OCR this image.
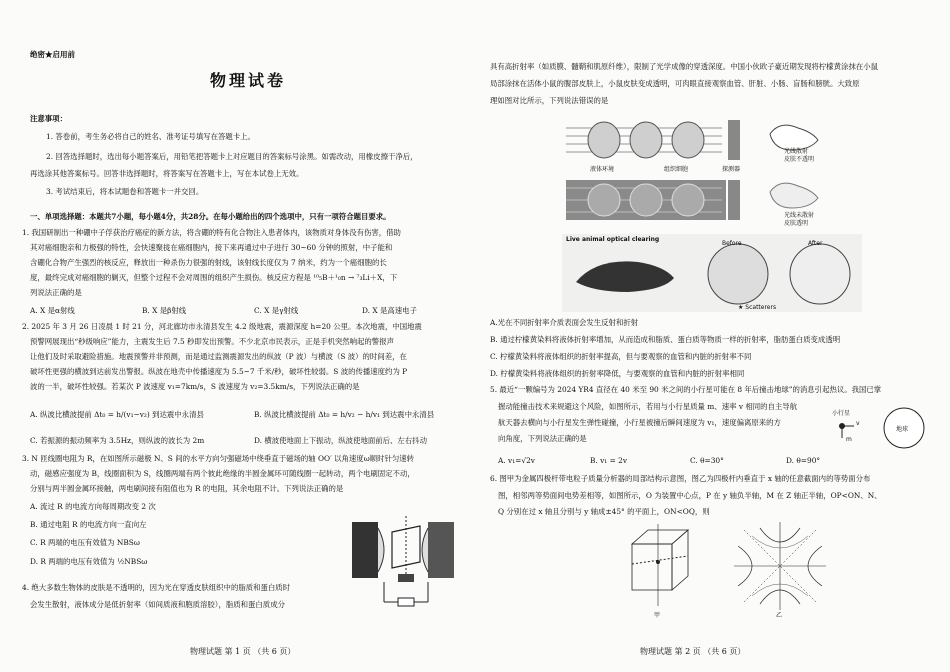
绝密★启用前
物理试卷
注意事项：
1. 答卷前，考生务必将自己的姓名、准考证号填写在答题卡上。
2. 回答选择题时，选出每小题答案后，用铅笔把答题卡上对应题目的答案标号涂黑。如需改动，用橡皮擦干净后，
再选涂其他答案标号。回答非选择题时，将答案写在答题卡上，写在本试卷上无效。
3. 考试结束后，将本试题卷和答题卡一并交回。
一、单项选择题：本题共7小题，每小题4分，共28分。在每小题给出的四个选项中，只有一项符合题目要求。
1. 我国研制出一种硼中子俘获治疗癌症的新方法，将含硼的特有化合物注入患者体内，该物质对身体没有伤害，借助
其对癌细胞亲和力极强的特性，会快速聚拢在癌细胞内，接下来再通过中子进行 30~60 分钟的照射，中子能和
含硼化合物产生强烈的核反应，释放出一种杀伤力很强的射线，该射线长度仅为 7 纳米，约为一个癌细胞的长
度，最终完成对癌细胞的剿灭，但整个过程不会对周围的组织产生损伤。核反应方程是 ¹⁰₅B＋¹₀n → ⁷₃Li＋X，下
列说法正确的是
A. X 是α射线	B. X 是β射线	C. X 是γ射线	D. X 是高速电子
2. 2025 年 3 月 26 日凌晨 1 时 21 分，河北廊坊市永清县发生 4.2 级地震，震源深度 h=20 公里。本次地震，中国地震
预警网展现出“秒级响应”能力，主震发生后 7.5 秒即发出预警。不少北京市民表示，正是手机突然响起的警报声
让他们及时采取避险措施。地震预警并非预测，而是通过监测震源发出的纵波（P 波）与横波（S 波）的时间差，在
破坏性更强的横波到达前发出警报。纵波在地壳中传播速度为 5.5~7 千米/秒，破坏性较弱。S 波的传播速度约为 P
波的一半，破坏性较强。若某次 P 波速度 v₁=7km/s，S 波速度为 v₂=3.5km/s，下列说法正确的是
A. 纵波比横波提前 Δt₀ = h/(v₁−v₂) 到达震中永清县	B. 纵波比横波提前 Δt₀ = h/v₂ − h/v₁ 到达震中永清县
C. 若振源的振动频率为 3.5Hz，则纵波的波长为 2m	D. 横波使地面上下振动，纵波使地面前后、左右抖动
3. N 匝线圈电阻为 R，在如图所示磁极 N、S 间的水平方向匀强磁场中绕垂直于磁场的轴 OO′ 以角速度ω顺时针匀速转
动，磁感应强度为 B，线圈面积为 S，线圈两端有两个彼此绝缘的半圆金属环可随线圈一起转动，两个电刷固定不动，
分别与两半圆金属环接触，两电刷间接有阻值也为 R 的电阻，其余电阻不计。下列说法正确的是
A. 流过 R 的电流方向每周期改变 2 次
B. 通过电阻 R 的电流方向一直向左
C. R 两端的电压有效值为 NBSω
D. R 两端的电压有效值为 ½NBSω
4. 绝大多数生物体的皮肤是不透明的，因为光在穿透皮肤组织中的脂质和蛋白质时
会发生散射，液体成分是低折射率（如间质液和胞质溶胶），脂质和蛋白质成分
物理试题 第 1 页 （共 6 页）
具有高折射率（如质膜、髓鞘和肌原纤维），限制了光学成像的穿透深度。中国小伙欧子豪近期发现将柠檬黄涂抹在小鼠
局部涂抹在活体小鼠的腹部皮肤上，小鼠皮肤变成透明，可肉眼直接观察血管、肝脏、小肠、盲肠和膀胱。大致原
理如图对比所示，下列说法错误的是
液体环境	组织细胞	探测器
光线散射
皮肤不透明
光线未散射
皮肤透明
Live animal optical clearing
Before	After
★ Scatterers
A.光在不同折射率介质表面会发生反射和折射
B. 通过柠檬黄染料将液体折射率增加，从而造成和脂质、蛋白质等物质一样的折射率，脂肪蛋白质变成透明
C. 柠檬黄染料将液体组织的折射率提高，但与要观察的血管和内脏的折射率不同
D. 柠檬黄染料将液体组织的折射率降低，与要观察的血管和内脏的折射率相同
5. 最近“一颗编号为 2024 YR4 直径在 40 米至 90 米之间的小行星可能在 8 年后撞击地球”的消息引起热议。我国已掌
握动能撞击技术来规避这个风险，如图所示，若用与小行星质量 m、速率 v 相同的自主导航
航天器去横向与小行星发生弹性碰撞，小行星被撞后瞬间速度为 v₁，速度偏离原来的方
向角度，下列说法正确的是
A. v₁=√2v	B. v₁ = 2v	C. θ=30°	D. θ=90°
小行星
v
m
地球
6. 图甲为金属四极杆带电粒子质量分析器的局部结构示意图，图乙为四极杆内垂直于 x 轴的任意截面内的等势面分布
图，相邻两等势面间电势差相等，如图所示，O 为装置中心点，P 在 y 轴负半轴，M 在 Z 轴正半轴，OP<ON、N、
Q 分别在过 x 轴且分别与 y 轴成±45° 的平面上，ON<OQ，则
甲	乙
物理试题 第 2 页 （共 6 页）
